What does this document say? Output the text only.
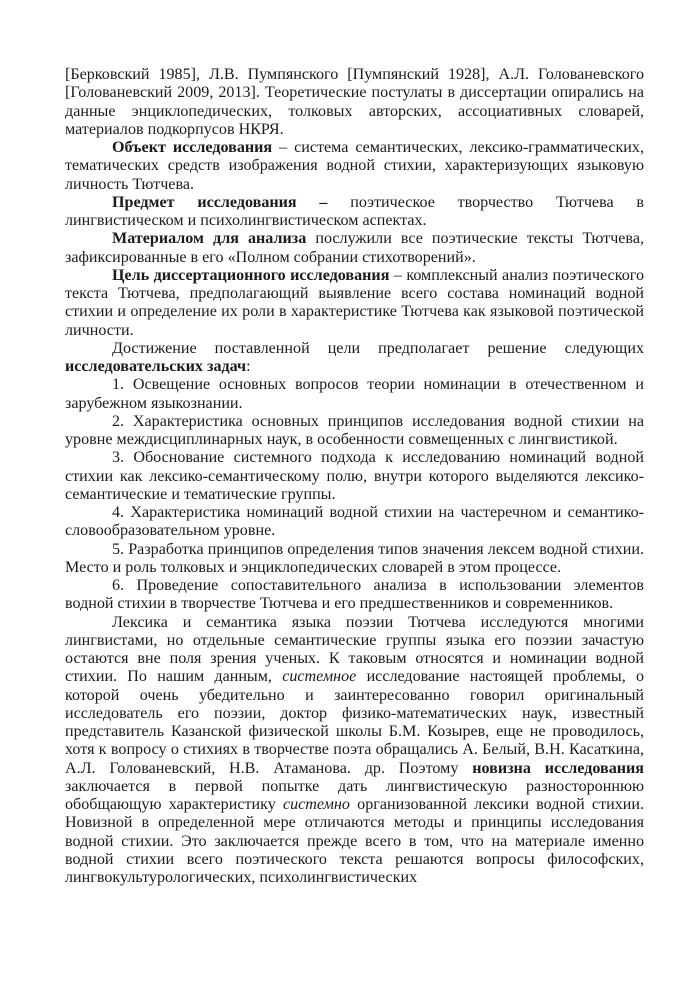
[Берковский 1985], Л.В. Пумпянского [Пумпянский 1928], А.Л. Голованевского [Голованевский 2009, 2013]. Теоретические постулаты в диссертации опирались на данные энциклопедических, толковых авторских, ассоциативных словарей, материалов подкорпусов НКРЯ.

Объект исследования – система семантических, лексико-грамматических, тематических средств изображения водной стихии, характеризующих языковую личность Тютчева.

Предмет исследования – поэтическое творчество Тютчева в лингвистическом и психолингвистическом аспектах.

Материалом для анализа послужили все поэтические тексты Тютчева, зафиксированные в его «Полном собрании стихотворений».

Цель диссертационного исследования – комплексный анализ поэтического текста Тютчева, предполагающий выявление всего состава номинаций водной стихии и определение их роли в характеристике Тютчева как языковой поэтической личности.

Достижение поставленной цели предполагает решение следующих исследовательских задач:

1. Освещение основных вопросов теории номинации в отечественном и зарубежном языкознании.

2. Характеристика основных принципов исследования водной стихии на уровне междисциплинарных наук, в особенности совмещенных с лингвистикой.

3. Обоснование системного подхода к исследованию номинаций водной стихии как лексико-семантическому полю, внутри которого выделяются лексико-семантические и тематические группы.

4. Характеристика номинаций водной стихии на частеречном и семантико-словообразовательном уровне.

5. Разработка принципов определения типов значения лексем водной стихии. Место и роль толковых и энциклопедических словарей в этом процессе.

6. Проведение сопоставительного анализа в использовании элементов водной стихии в творчестве Тютчева и его предшественников и современников.

Лексика и семантика языка поэзии Тютчева исследуются многими лингвистами, но отдельные семантические группы языка его поэзии зачастую остаются вне поля зрения ученых. К таковым относятся и номинации водной стихии. По нашим данным, системное исследование настоящей проблемы, о которой очень убедительно и заинтересованно говорил оригинальный исследователь его поэзии, доктор физико-математических наук, известный представитель Казанской физической школы Б.М. Козырев, еще не проводилось, хотя к вопросу о стихиях в творчестве поэта обращались А. Белый, В.Н. Касаткина, А.Л. Голованевский, Н.В. Атаманова. др. Поэтому новизна исследования заключается в первой попытке дать лингвистическую разностороннюю обобщающую характеристику системно организованной лексики водной стихии. Новизной в определенной мере отличаются методы и принципы исследования водной стихии. Это заключается прежде всего в том, что на материале именно водной стихии всего поэтического текста решаются вопросы философских, лингвокультурологических, психолингвистических
